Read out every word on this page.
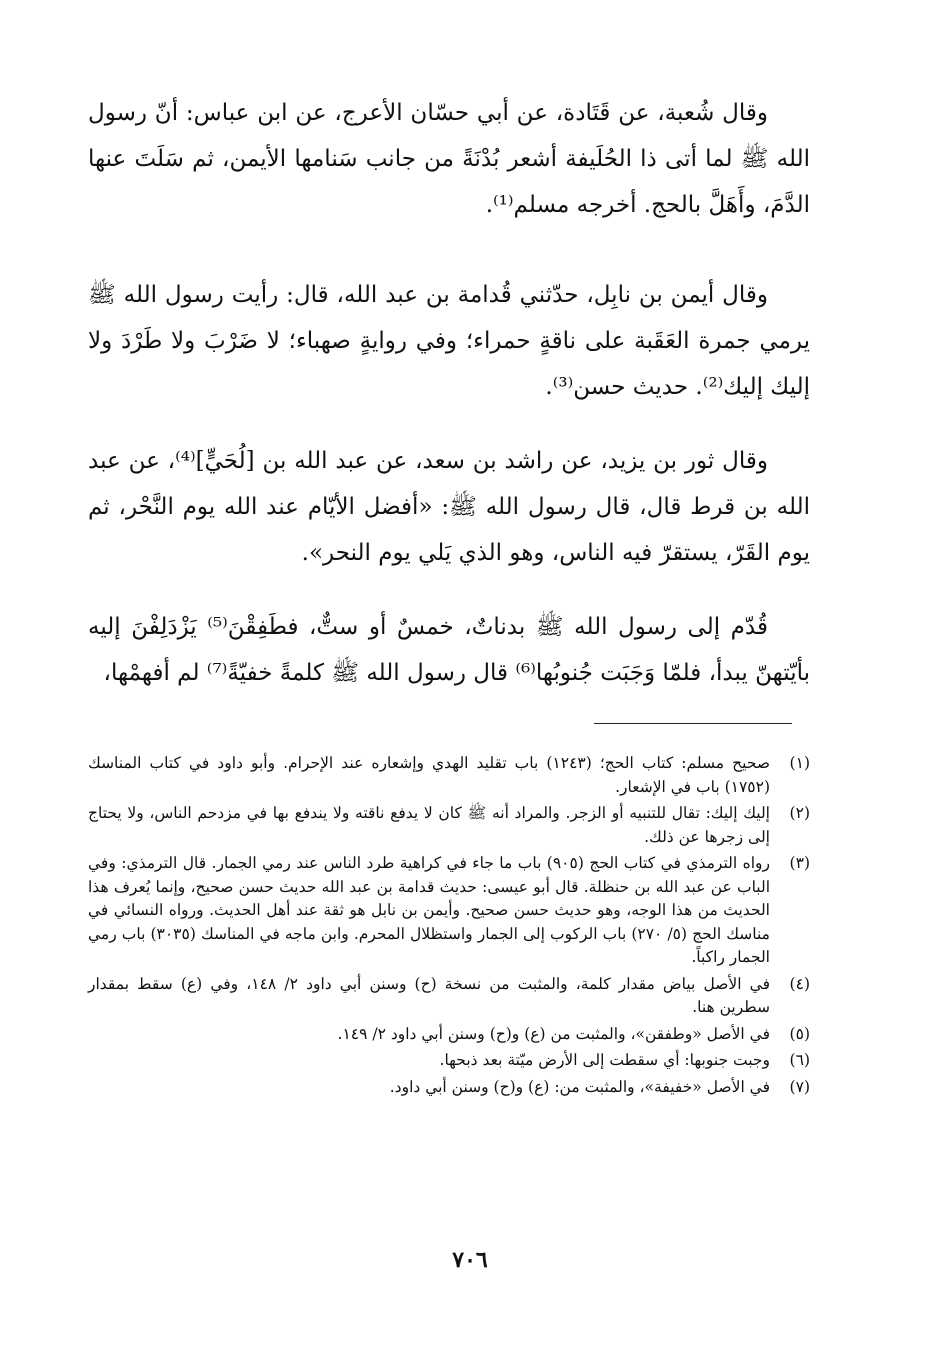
وقال شُعبة، عن قَتَادة، عن أبي حسّان الأعرج، عن ابن عباس: أنّ رسول الله ﷺ لما أتى ذا الحُلَيفة أشعر بُدْنَةً من جانب سَنامها الأيمن، ثم سَلَتَ عنها الدَّمَ، وأَهَلَّ بالحج. أخرجه مسلم⁽¹⁾.

وقال أيمن بن نابِل، حدّثني قُدامة بن عبد الله، قال: رأيت رسول الله ﷺ يرمي جمرة العَقَبة على ناقةٍ حمراء؛ وفي روايةٍ صهباء؛ لا ضَرْبَ ولا طَرْدَ ولا إليك إليك⁽²⁾. حديث حسن⁽³⁾.

وقال ثور بن يزيد، عن راشد بن سعد، عن عبد الله بن [لُحَيٍّ]⁽⁴⁾، عن عبد الله بن قرط قال، قال رسول الله ﷺ: «أفضل الأيّام عند الله يوم النَّحْر، ثم يوم القَرّ، يستقرّ فيه الناس، وهو الذي يَلي يوم النحر».

قُدّم إلى رسول الله ﷺ بدناتٌ، خمسٌ أو ستٌّ، فطَفِقْنَ⁽⁵⁾ يَزْدَلِفْنَ إليه بأيّتهنّ يبدأ، فلمّا وَجَبَت جُنوبُها⁽⁶⁾ قال رسول الله ﷺ كلمةً خفيّةً⁽⁷⁾ لم أفهمْها،

(١)
صحيح مسلم: كتاب الحج؛ (١٢٤٣) باب تقليد الهدي وإشعاره عند الإحرام. وأبو داود في كتاب المناسك (١٧٥٢) باب في الإشعار.
(٢)
إليك إليك: تقال للتنبيه أو الزجر. والمراد أنه ﷺ كان لا يدفع ناقته ولا يندفع بها في مزدحم الناس، ولا يحتاج إلى زجرها عن ذلك.
(٣)
رواه الترمذي في كتاب الحج (٩٠٥) باب ما جاء في كراهية طرد الناس عند رمي الجمار. قال الترمذي: وفي الباب عن عبد الله بن حنظلة. قال أبو عيسى: حديث قدامة بن عبد الله حديث حسن صحيح، وإنما يُعرف هذا الحديث من هذا الوجه، وهو حديث حسن صحيح. وأيمن بن نابل هو ثقة عند أهل الحديث. ورواه النسائي في مناسك الحج (٥/ ٢٧٠) باب الركوب إلى الجمار واستظلال المحرم. وابن ماجه في المناسك (٣٠٣٥) باب رمي الجمار راكباً.
(٤)
في الأصل بياض مقدار كلمة، والمثبت من نسخة (ح) وسنن أبي داود ٢/ ١٤٨، وفي (ع) سقط بمقدار سطرين هنا.
(٥)
في الأصل «وطفقن»، والمثبت من (ع) و(ح) وسنن أبي داود ٢/ ١٤٩.
(٦)
وجبت جنوبها: أي سقطت إلى الأرض ميّتة بعد ذبحها.
(٧)
في الأصل «خفيفة»، والمثبت من: (ع) و(ح) وسنن أبي داود.
٧٠٦
